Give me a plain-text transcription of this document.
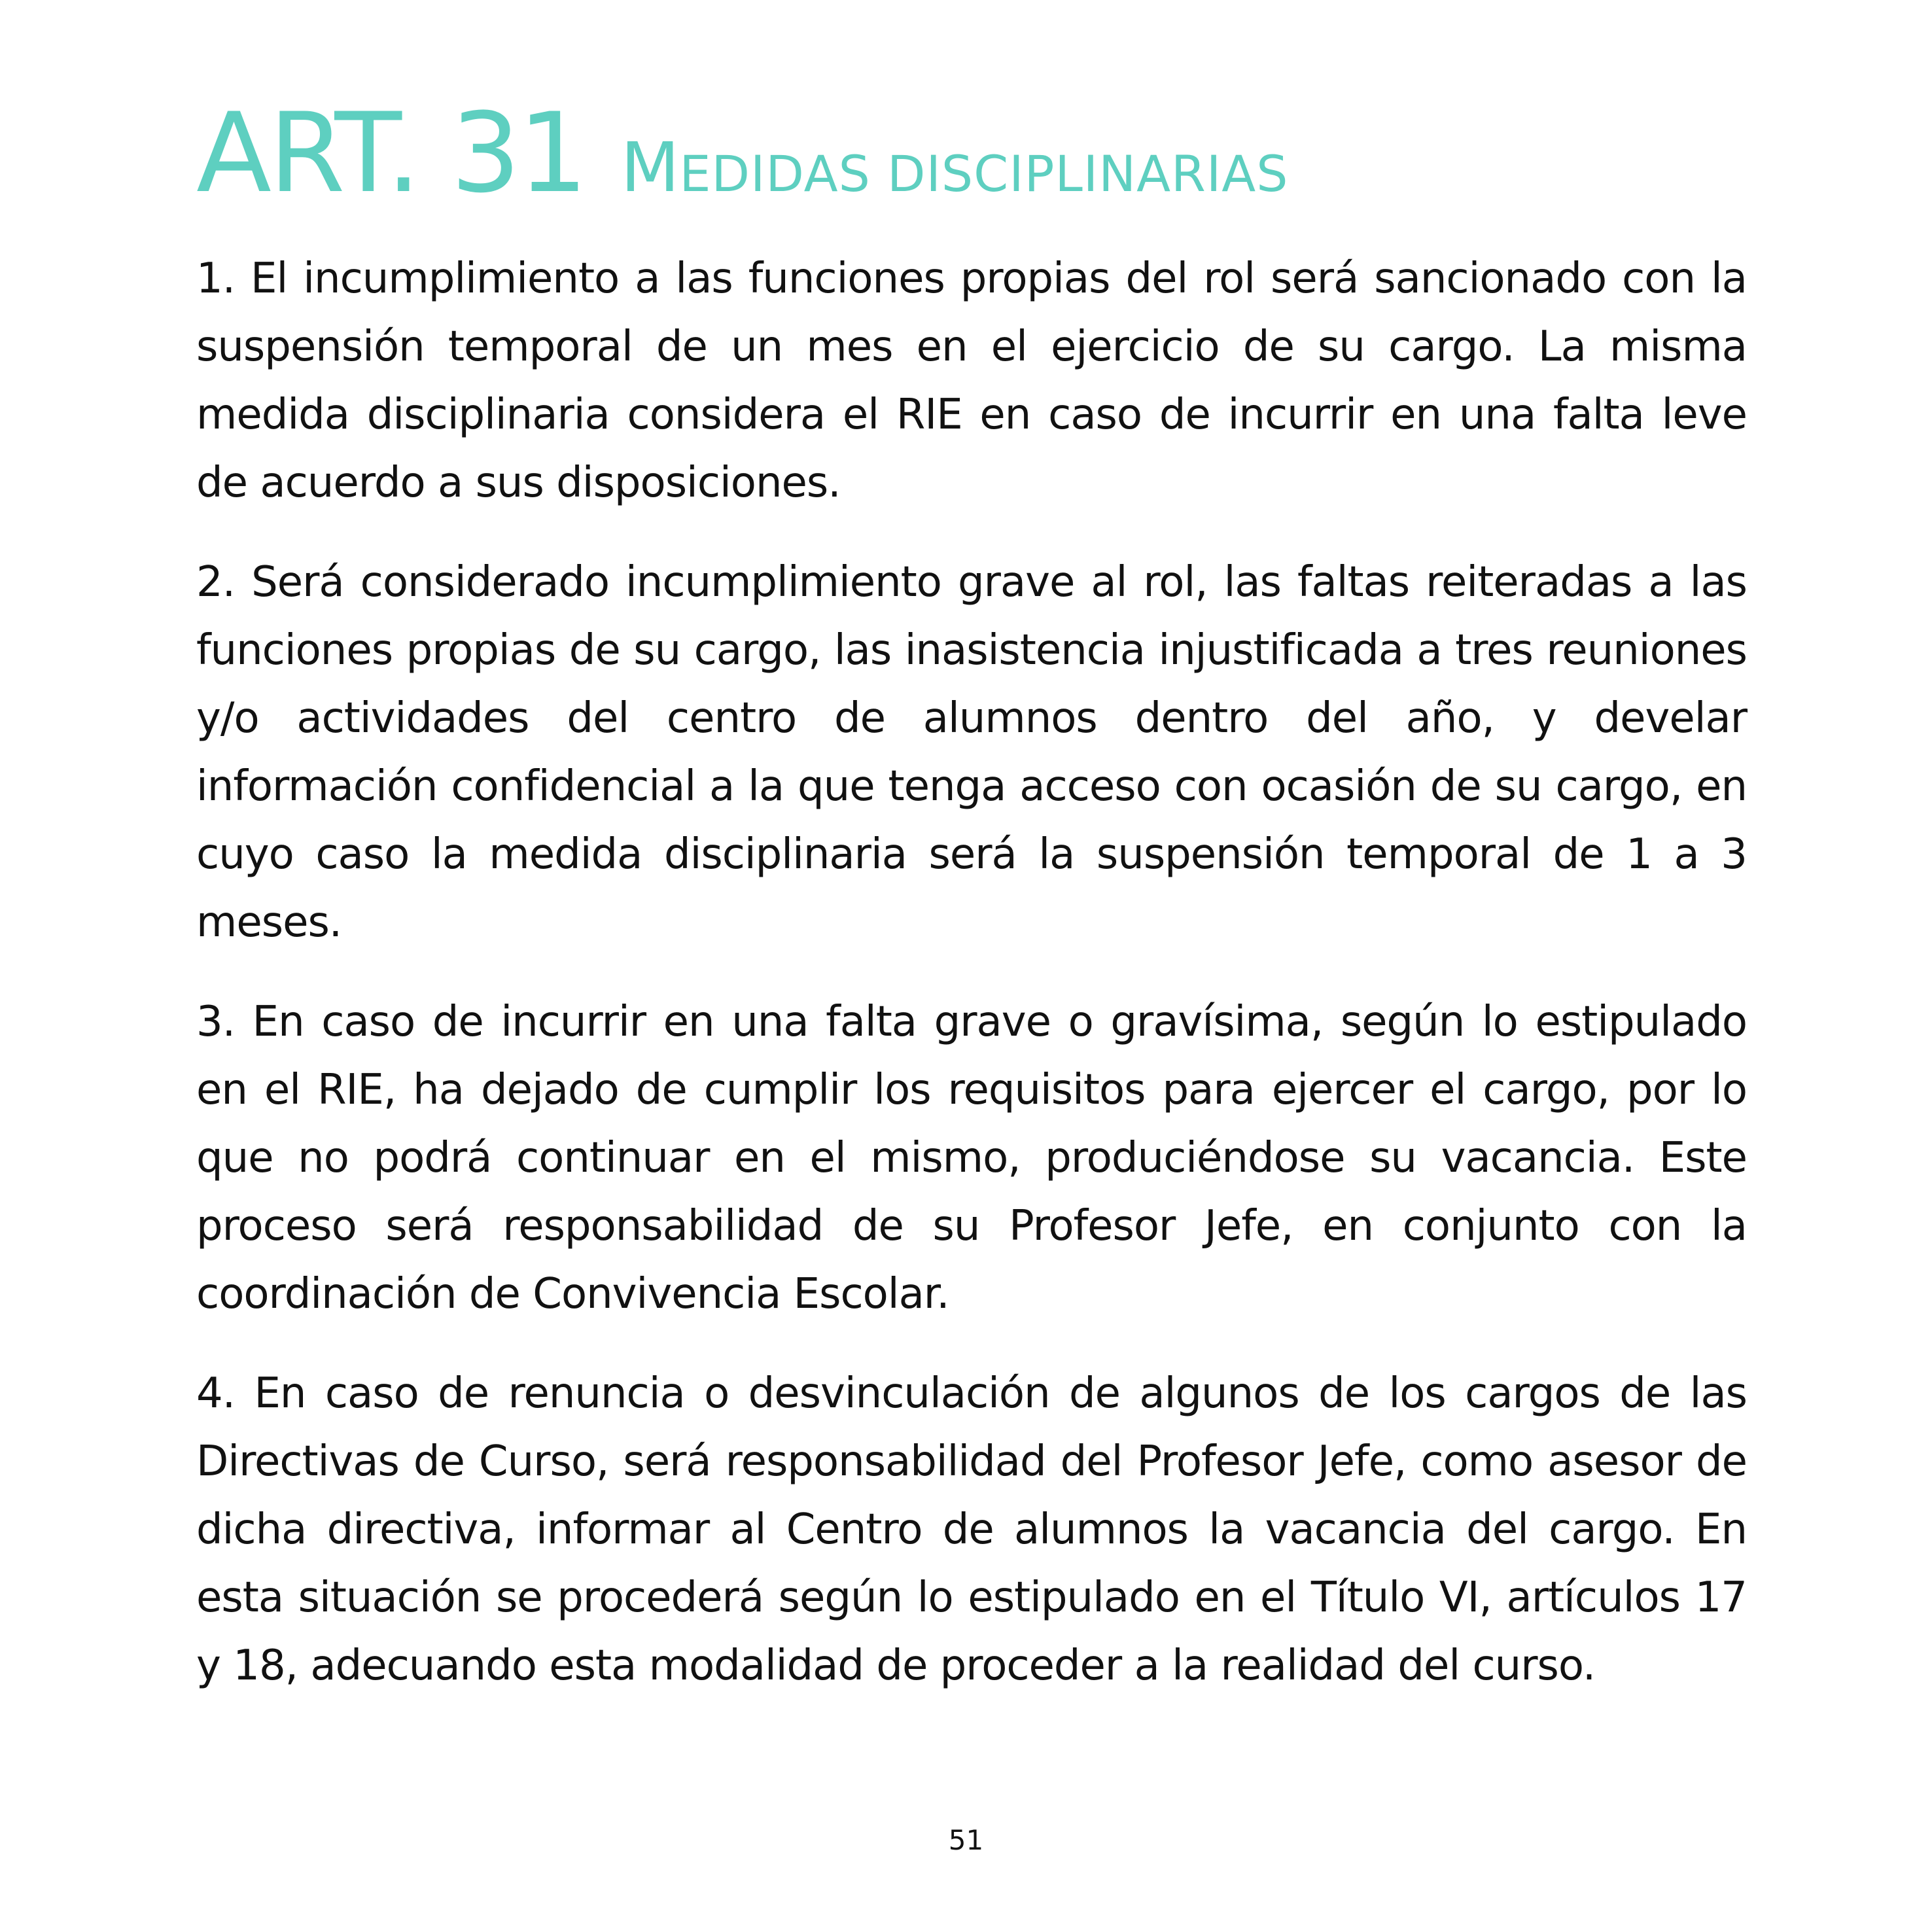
ART. 31 MEDIDAS DISCIPLINARIAS

1. El incumplimiento a las funciones propias del rol será sancionado con la suspensión temporal de un mes en el ejercicio de su cargo. La misma medida disciplinaria considera el RIE en caso de incurrir en una falta leve de acuerdo a sus disposiciones.

2. Será considerado incumplimiento grave al rol, las faltas reiteradas a las funciones propias de su cargo, las inasistencia injustificada a tres reuniones y/o actividades del centro de alumnos dentro del año, y develar información confidencial a la que tenga acceso con ocasión de su cargo, en cuyo caso la medida disciplinaria será la suspensión temporal de 1 a 3 meses.

3. En caso de incurrir en una falta grave o gravísima, según lo estipulado en el RIE, ha dejado de cumplir los requisitos para ejercer el cargo, por lo que no podrá continuar en el mismo, produciéndose su vacancia. Este proceso será responsabilidad de su Profesor Jefe, en conjunto con la coordinación de Convivencia Escolar.

4. En caso de renuncia o desvinculación de algunos de los cargos de las Directivas de Curso, será responsabilidad del Profesor Jefe, como asesor de dicha directiva, informar al Centro de alumnos la vacancia del cargo. En esta situación se procederá según lo estipulado en el Título VI, artículos 17 y 18, adecuando esta modalidad de proceder a la realidad del curso.

51
